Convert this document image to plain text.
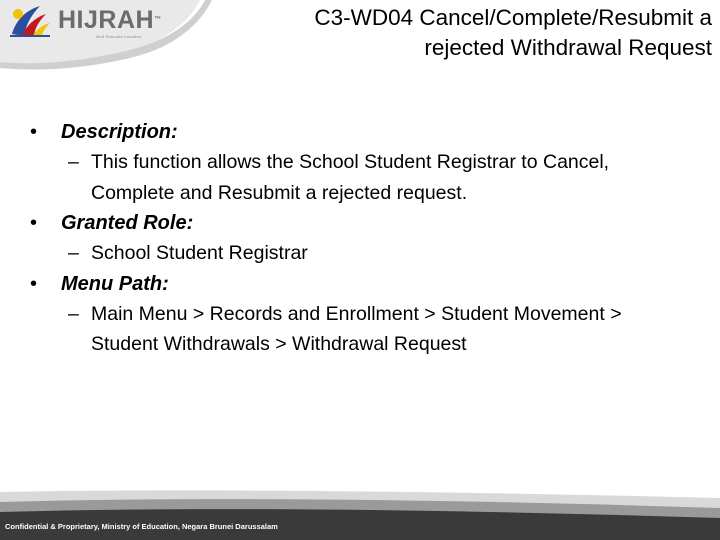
HIJRAH™
Mod Educatia Inmatirer
C3-WD04 Cancel/Complete/Resubmit a
rejected Withdrawal Request
• Description:
– This function allows the School Student Registrar to Cancel, Complete and Resubmit a rejected request.
• Granted Role:
– School Student Registrar
• Menu Path:
– Main Menu > Records and Enrollment > Student Movement > Student Withdrawals > Withdrawal Request
Confidential & Proprietary, Ministry of Education, Negara Brunei Darussalam
